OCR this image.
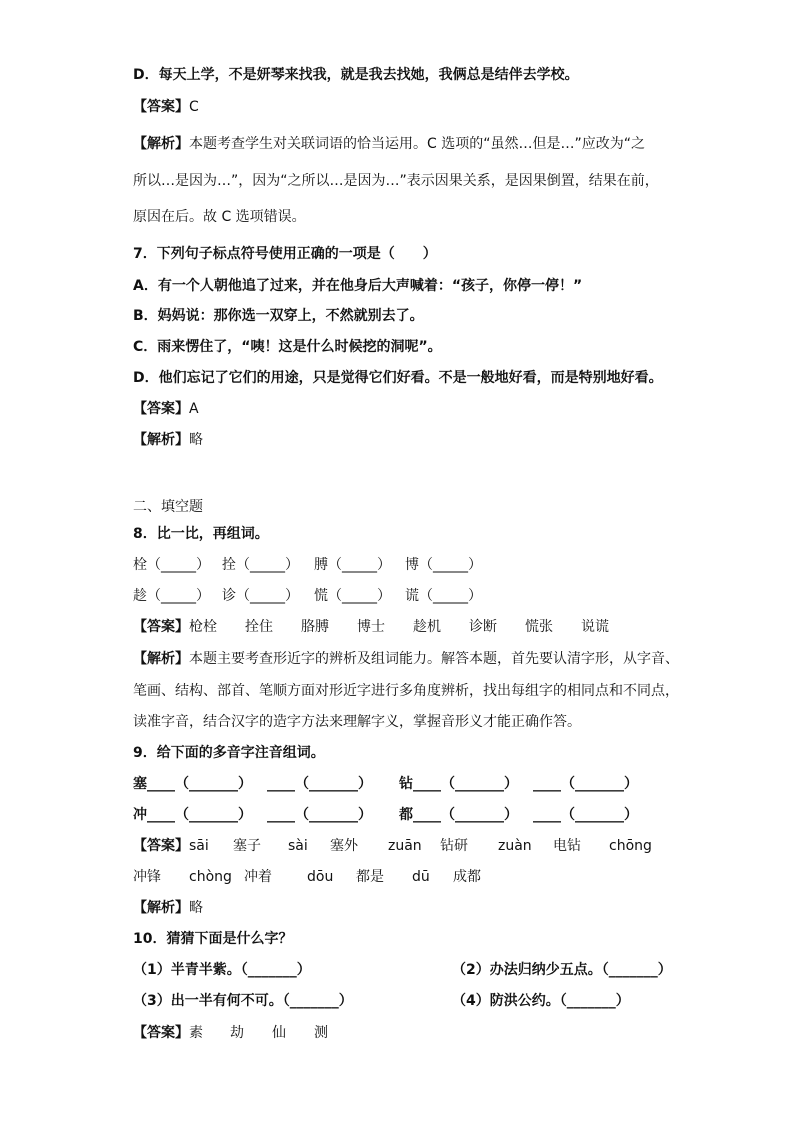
D．每天上学，不是妍琴来找我，就是我去找她，我俩总是结伴去学校。
【答案】C
【解析】本题考查学生对关联词语的恰当运用。C 选项的“虽然…但是…”应改为“之
所以…是因为…”，因为“之所以…是因为…”表示因果关系，是因果倒置，结果在前，
原因在后。故 C 选项错误。
7．下列句子标点符号使用正确的一项是（　　）
A．有一个人朝他追了过来，并在他身后大声喊着：“孩子，你停一停！”
B．妈妈说：那你选一双穿上，不然就别去了。
C．雨来愣住了，“咦！这是什么时候挖的洞呢”。
D．他们忘记了它们的用途，只是觉得它们好看。不是一般地好看，而是特别地好看。
【答案】A
【解析】略
二、填空题
8．比一比，再组词。
栓（_____） 拴（_____） 膊（_____） 博（_____）
趁（_____） 诊（_____） 慌（_____） 谎（_____）
【答案】 枪栓 拴住 胳膊 博士 趁机 诊断 慌张 说谎
【解析】本题主要考查形近字的辨析及组词能力。解答本题，首先要认清字形，从字音、
笔画、结构、部首、笔顺方面对形近字进行多角度辨析，找出每组字的相同点和不同点，
读准字音，结合汉字的造字方法来理解字义，掌握音形义才能正确作答。
9．给下面的多音字注音组词。
塞____（_______） ____（_______） 钻____（_______） ____（_______）
冲____（_______） ____（_______） 都____（_______） ____（_______）
【答案】 sāi 塞子 sài 塞外 zuān 钻研 zuàn 电钻 chōng
冲锋 chòng 冲着	dōu 都是 dū 成都
【解析】略
10．猜猜下面是什么字？
（1）半青半紫。（_______）	（2）办法归纳少五点。（_______）
（3）出一半有何不可。（_______）	（4）防洪公约。（_______）
【答案】 素 劫 仙 测
